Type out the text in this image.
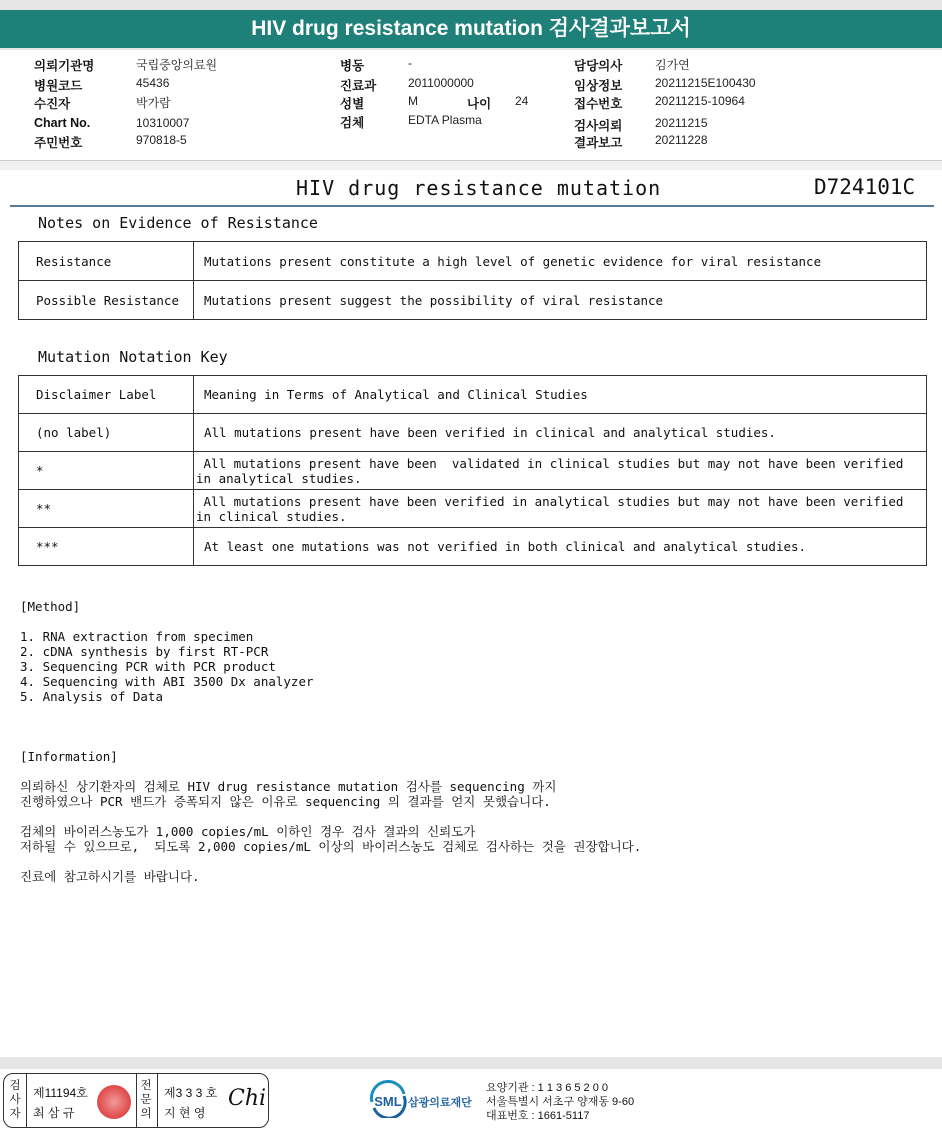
HIV drug resistance mutation 검사결과보고서
의뢰기관명	국립중앙의료원
병원코드	45436
수진자	박가람
Chart No.	10310007
주민번호	970818-5
병동	-
진료과	2011000000
성별	M	나이 24
검체	EDTA Plasma
담당의사	김가연
임상정보	20211215E100430
접수번호	20211215-10964
검사의뢰	20211215
결과보고	20211228
HIV drug resistance mutation	D724101C
Notes on Evidence of Resistance
Resistance	Mutations present constitute a high level of genetic evidence for viral resistance
Possible Resistance	Mutations present suggest the possibility of viral resistance
Mutation Notation Key
Disclaimer Label	Meaning in Terms of Analytical and Clinical Studies
(no label)	All mutations present have been verified in clinical and analytical studies.
*	All mutations present have been  validated in clinical studies but may not have been verified
in analytical studies.
**	All mutations present have been verified in analytical studies but may not have been verified
in clinical studies.
***	At least one mutations was not verified in both clinical and analytical studies.
[Method]
1. RNA extraction from specimen
2. cDNA synthesis by first RT-PCR
3. Sequencing PCR with PCR product
4. Sequencing with ABI 3500 Dx analyzer
5. Analysis of Data
[Information]
의뢰하신 상기환자의 검체로 HIV drug resistance mutation 검사를 sequencing 까지
진행하였으나 PCR 밴드가 증폭되지 않은 이유로 sequencing 의 결과를 얻지 못했습니다.
검체의 바이러스농도가 1,000 copies/mL 이하인 경우 검사 결과의 신뢰도가
저하될 수 있으므로,  되도록 2,000 copies/mL 이상의 바이러스농도 검체로 검사하는 것을 권장합니다.
진료에 참고하시기를 바랍니다.
검사자
제11194호
최 삼 규
전문의
제3 3 3 호
지 현 영
Chi	SML 삼광의료재단
요양기관 : 1 1 3 6 5 2 0 0
서울특별시 서초구 양재동 9-60
대표번호 : 1661-5117
